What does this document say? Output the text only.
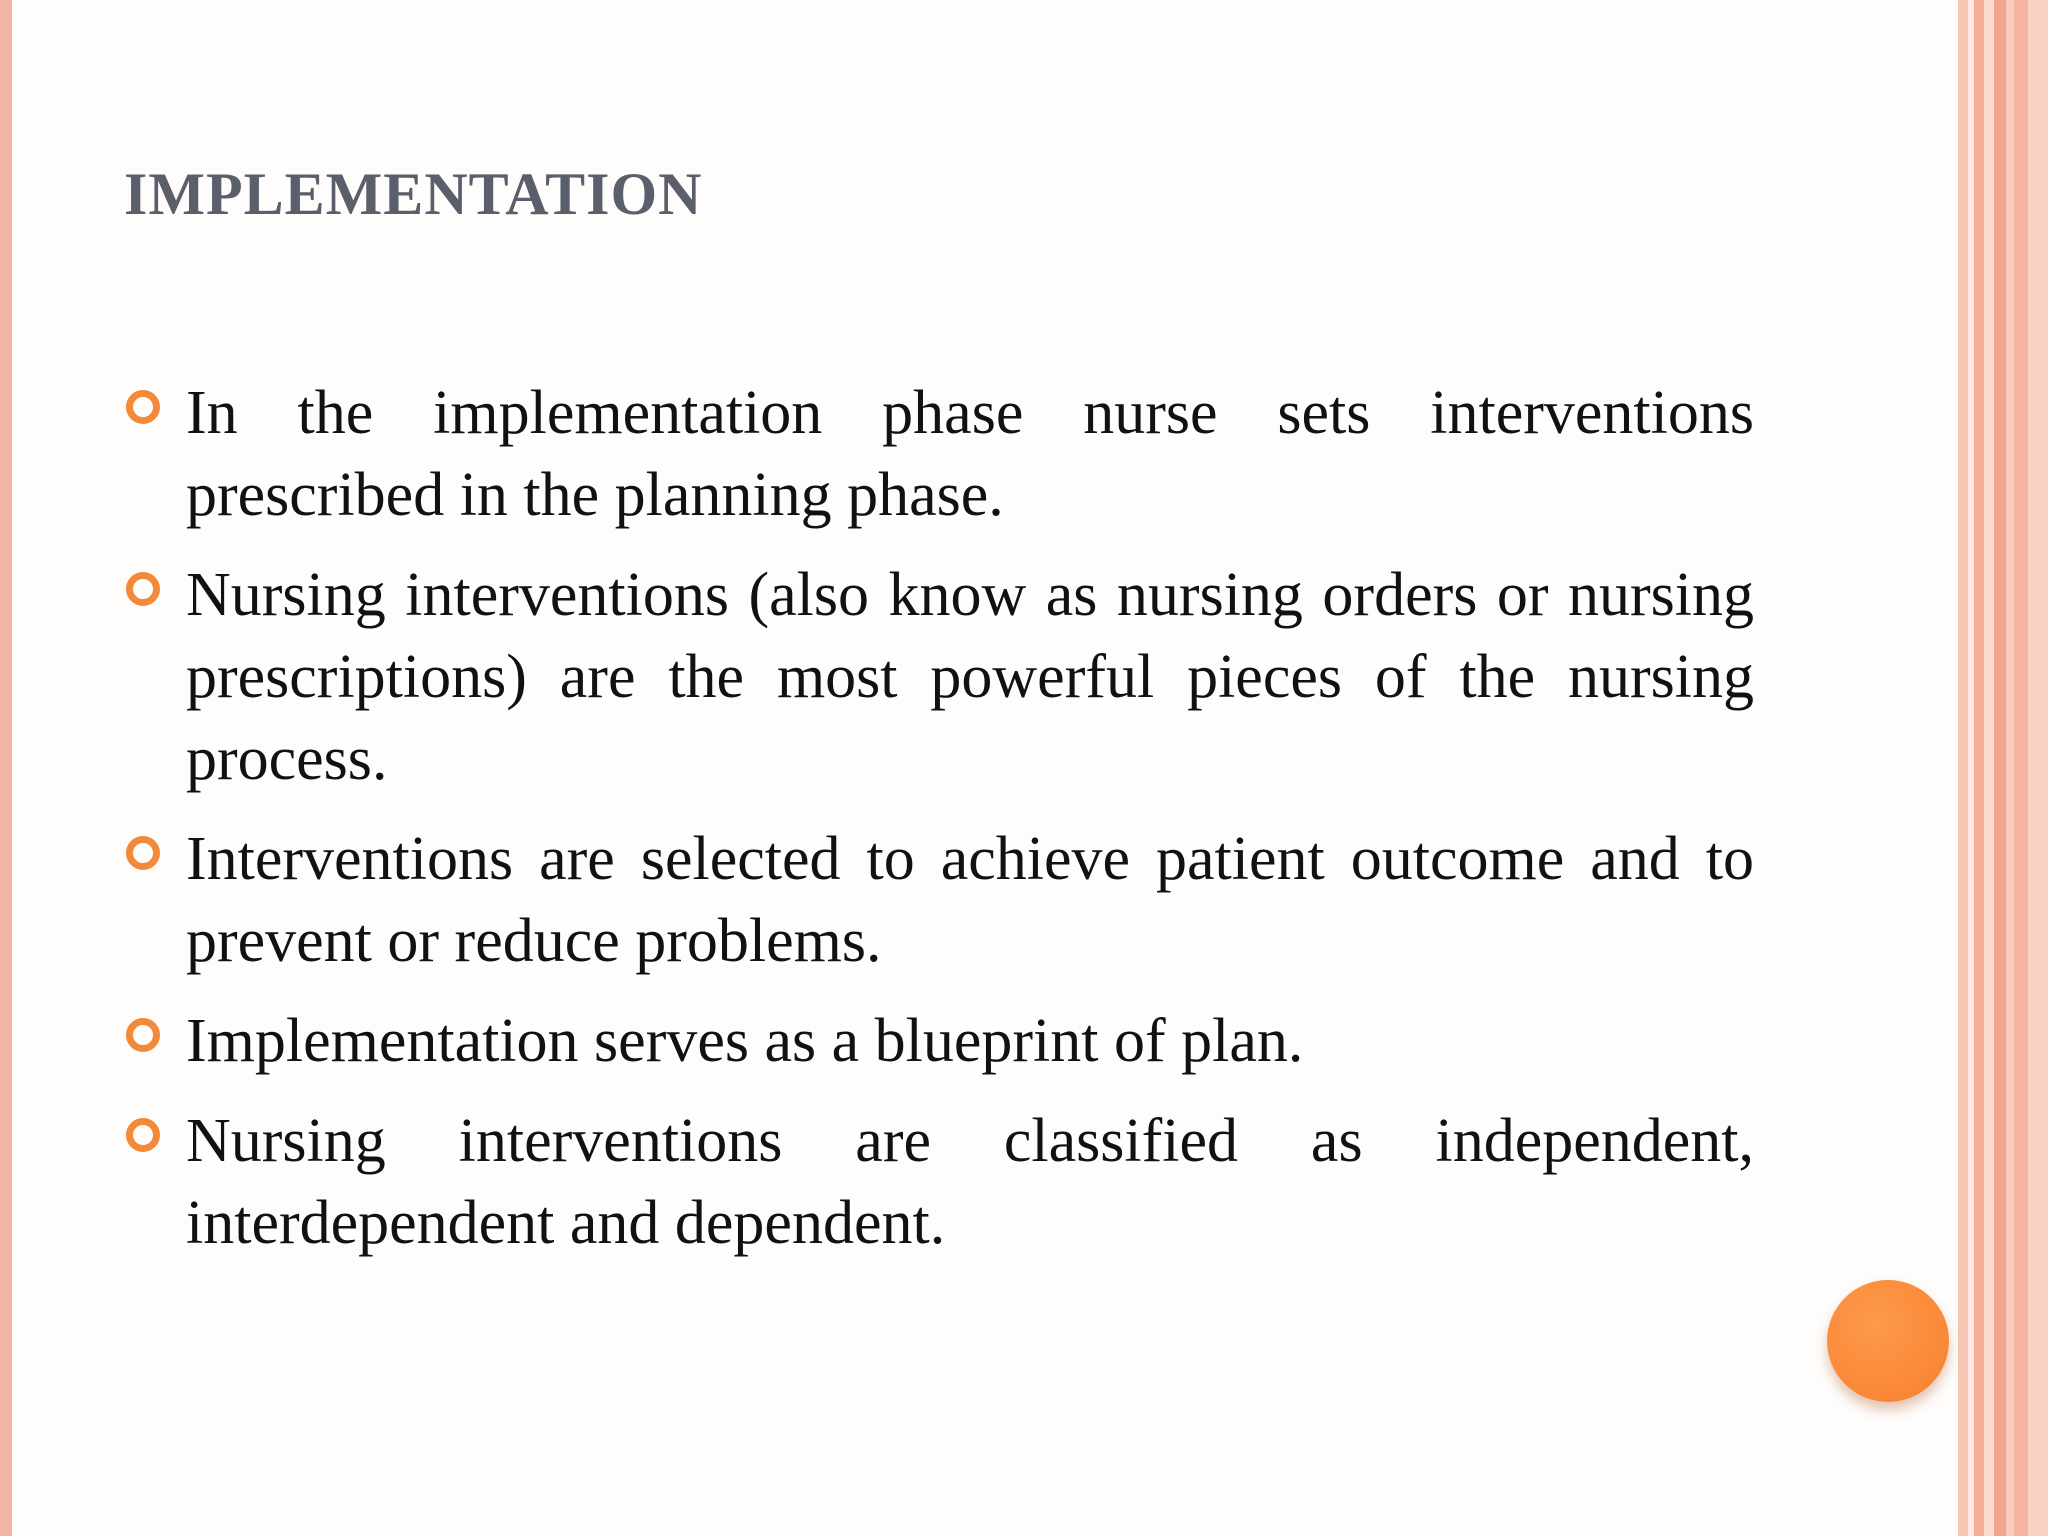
IMPLEMENTATION
In the implementation phase nurse sets interventions prescribed in the planning phase.
Nursing interventions (also know as nursing orders or nursing prescriptions) are the most powerful pieces of the nursing process.
Interventions are selected to achieve patient outcome and to prevent or reduce problems.
Implementation serves as a blueprint of plan.
Nursing interventions are classified as independent, interdependent and dependent.
